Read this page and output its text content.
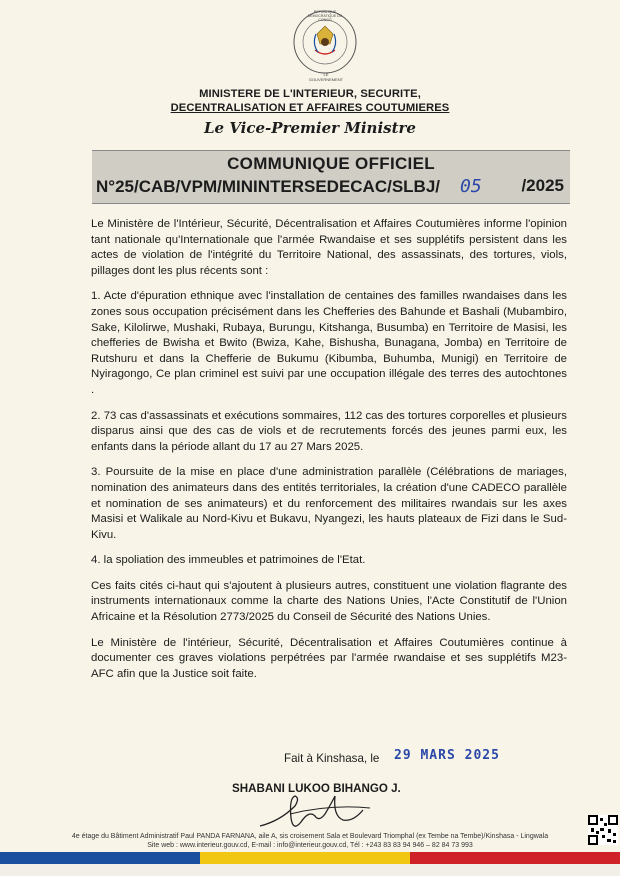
REPUBLIQUE DEMOCRATIQUE DU CONGO
LE GOUVERNEMENT
MINISTERE DE L'INTERIEUR, SECURITE,
DECENTRALISATION ET AFFAIRES COUTUMIERES
Le Vice-Premier Ministre
COMMUNIQUE OFFICIEL
N°25/CAB/VPM/MININTERSEDECAC/SLBJ/ 05 /2025

Le Ministère de l'Intérieur, Sécurité, Décentralisation et Affaires Coutumières informe l'opinion tant nationale qu'Internationale que l'armée Rwandaise et ses supplétifs persistent dans les actes de violation de l'intégrité du Territoire National, des assassinats, des tortures, viols, pillages dont les plus récents sont :

1. Acte d'épuration ethnique avec l'installation de centaines des familles rwandaises dans les zones sous occupation précisément dans les Chefferies des Bahunde et Bashali (Mubambiro, Sake, Kilolirwe, Mushaki, Rubaya, Burungu, Kitshanga, Busumba) en Territoire de Masisi, les chefferies de Bwisha et Bwito (Bwiza, Kahe, Bishusha, Bunagana, Jomba) en Territoire de Rutshuru et dans la Chefferie de Bukumu (Kibumba, Buhumba, Munigi) en Territoire de Nyiragongo, Ce plan criminel est suivi par une occupation illégale des terres des autochtones .

2. 73 cas d'assassinats et exécutions sommaires, 112 cas des tortures corporelles et plusieurs disparus ainsi que des cas de viols et de recrutements forcés des jeunes parmi eux, les enfants dans la période allant du 17 au 27 Mars 2025.

3. Poursuite de la mise en place d'une administration parallèle (Célébrations de mariages, nomination des animateurs dans des entités territoriales, la création d'une CADECO parallèle et nomination de ses animateurs) et du renforcement des militaires rwandais sur les axes Masisi et Walikale au Nord-Kivu et Bukavu, Nyangezi, les hauts plateaux de Fizi dans le Sud-Kivu.

4. la spoliation des immeubles et patrimoines de l'Etat.

Ces faits cités ci-haut qui s'ajoutent à plusieurs autres, constituent une violation flagrante des instruments internationaux comme la charte des Nations Unies, l'Acte Constitutif de l'Union Africaine et la Résolution 2773/2025 du Conseil de Sécurité des Nations Unies.

Le Ministère de l'intérieur, Sécurité, Décentralisation et Affaires Coutumières continue à documenter ces graves violations perpétrées par l'armée rwandaise et ses supplétifs M23-AFC afin que la Justice soit faite.

Fait à Kinshasa, le 29 MARS 2025
SHABANI LUKOO BIHANGO J.
4e étage du Bâtiment Administratif Paul PANDA FARNANA, aile A, sis croisement Sala et Boulevard Triomphal (ex Tembe na Tembe)/Kinshasa - Lingwala
Site web : www.interieur.gouv.cd, E-mail : info@interieur.gouv.cd, Tél : +243 83 83 94 946 – 82 84 73 993
